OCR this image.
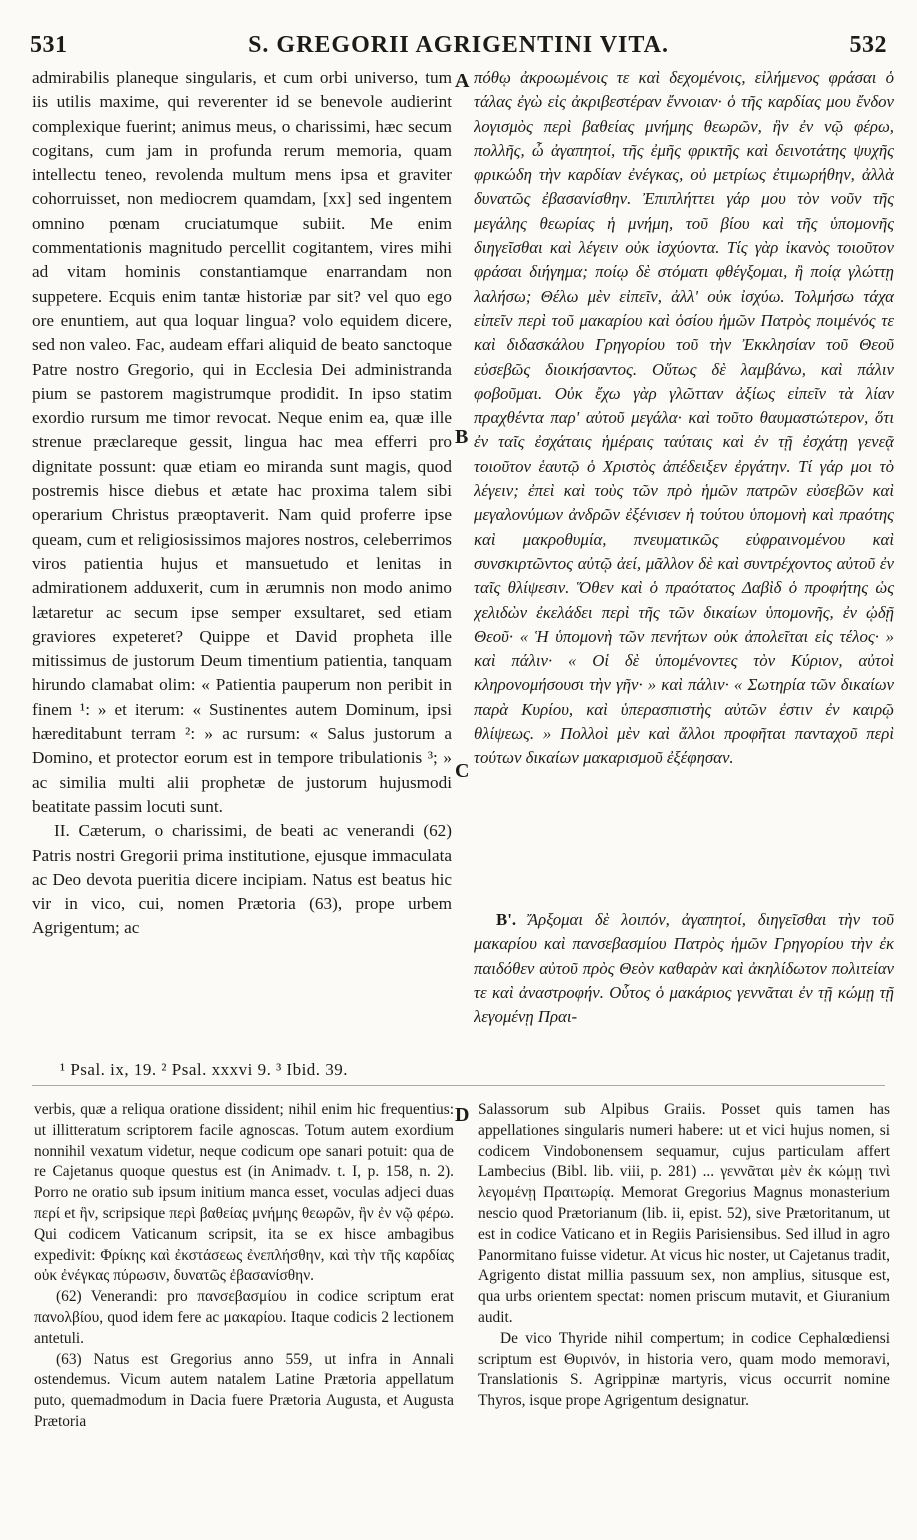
531	S. GREGORII AGRIGENTINI VITA.	532
A
B
C
D

admirabilis planeque singularis, et cum orbi universo, tum iis utilis maxime, qui reverenter id se benevole audierint complexique fuerint; animus meus, o charissimi, hæc secum cogitans, cum jam in profunda rerum memoria, quam intellectu teneo, revolenda multum mens ipsa et graviter cohorruisset, non mediocrem quamdam, [xx] sed ingentem omnino pœnam cruciatumque subiit. Me enim commentationis magnitudo percellit cogitantem, vires mihi ad vitam hominis constantiamque enarrandam non suppetere. Ecquis enim tantæ historiæ par sit? vel quo ego ore enuntiem, aut qua loquar lingua? volo equidem dicere, sed non valeo. Fac, audeam effari aliquid de beato sanctoque Patre nostro Gregorio, qui in Ecclesia Dei administranda pium se pastorem magistrumque prodidit. In ipso statim exordio rursum me timor revocat. Neque enim ea, quæ ille strenue præclareque gessit, lingua hac mea efferri pro dignitate possunt: quæ etiam eo miranda sunt magis, quod postremis hisce diebus et ætate hac proxima talem sibi operarium Christus præoptaverit. Nam quid proferre ipse queam, cum et religiosissimos majores nostros, celeberrimos viros patientia hujus et mansuetudo et lenitas in admirationem adduxerit, cum in ærumnis non modo animo lætaretur ac secum ipse semper exsultaret, sed etiam graviores expeteret? Quippe et David propheta ille mitissimus de justorum Deum timentium patientia, tanquam hirundo clamabat olim: « Patientia pauperum non peribit in finem ¹: » et iterum: « Sustinentes autem Dominum, ipsi hæreditabunt terram ²: » ac rursum: « Salus justorum a Domino, et protector eorum est in tempore tribulationis ³; » ac similia multi alii prophetæ de justorum hujusmodi beatitate passim locuti sunt.

II. Cæterum, o charissimi, de beati ac venerandi (62) Patris nostri Gregorii prima institutione, ejusque immaculata ac Deo devota pueritia dicere incipiam. Natus est beatus hic vir in vico, cui, nomen Prætoria (63), prope urbem Agrigentum; ac

πόθῳ ἀκροωμένοις τε καὶ δεχομένοις, εἰλήμενος φράσαι ὁ τάλας ἐγὼ εἰς ἀκριβεστέραν ἔννοιαν· ὁ τῆς καρδίας μου ἔνδον λογισμὸς περὶ βαθείας μνήμης θεωρῶν, ἣν ἐν νῷ φέρω, πολλῆς, ὦ ἀγαπητοί, τῆς ἐμῆς φρικτῆς καὶ δεινοτάτης ψυχῆς φρικώδη τὴν καρδίαν ἐνέγκας, οὐ μετρίως ἐτιμωρήθην, ἀλλὰ δυνατῶς ἐβασανίσθην. Ἐπιπλήττει γάρ μου τὸν νοῦν τῆς μεγάλης θεωρίας ἡ μνήμη, τοῦ βίου καὶ τῆς ὑπομονῆς διηγεῖσθαι καὶ λέγειν οὐκ ἰσχύοντα. Τίς γὰρ ἱκανὸς τοιοῦτον φράσαι διήγημα; ποίῳ δὲ στόματι φθέγξομαι, ἢ ποίᾳ γλώττῃ λαλήσω; Θέλω μὲν εἰπεῖν, ἀλλ' οὐκ ἰσχύω. Τολμήσω τάχα εἰπεῖν περὶ τοῦ μακαρίου καὶ ὁσίου ἡμῶν Πατρὸς ποιμένός τε καὶ διδασκάλου Γρηγορίου τοῦ τὴν Ἐκκλησίαν τοῦ Θεοῦ εὐσεβῶς διοικήσαντος. Οὕτως δὲ λαμβάνω, καὶ πάλιν φοβοῦμαι. Οὐκ ἔχω γὰρ γλῶτταν ἀξίως εἰπεῖν τὰ λίαν πραχθέντα παρ' αὐτοῦ μεγάλα· καὶ τοῦτο θαυμαστώτερον, ὅτι ἐν ταῖς ἐσχάταις ἡμέραις ταύταις καὶ ἐν τῇ ἐσχάτῃ γενεᾷ τοιοῦτον ἑαυτῷ ὁ Χριστὸς ἀπέδειξεν ἐργάτην. Τί γάρ μοι τὸ λέγειν; ἐπεὶ καὶ τοὺς τῶν πρὸ ἡμῶν πατρῶν εὐσεβῶν καὶ μεγαλονύμων ἀνδρῶν ἐξένισεν ἡ τούτου ὑπομονὴ καὶ πραότης καὶ μακροθυμία, πνευματικῶς εὐφραινομένου καὶ συνσκιρτῶντος αὐτῷ ἀεί, μᾶλλον δὲ καὶ συντρέχοντος αὐτοῦ ἐν ταῖς θλίψεσιν. Ὅθεν καὶ ὁ πραότατος Δαβὶδ ὁ προφήτης ὡς χελιδὼν ἐκελάδει περὶ τῆς τῶν δικαίων ὑπομονῆς, ἐν ᾠδῇ Θεοῦ· « Ἡ ὑπομονὴ τῶν πενήτων οὐκ ἀπολεῖται εἰς τέλος· » καὶ πάλιν· « Οἱ δὲ ὑπομένοντες τὸν Κύριον, αὐτοὶ κληρονομήσουσι τὴν γῆν· » καὶ πάλιν· « Σωτηρία τῶν δικαίων παρὰ Κυρίου, καὶ ὑπερασπιστὴς αὐτῶν ἐστιν ἐν καιρῷ θλίψεως. » Πολλοὶ μὲν καὶ ἄλλοι προφῆται πανταχοῦ περὶ τούτων δικαίων μακαρισμοῦ ἐξέφησαν.

Β'. Ἄρξομαι δὲ λοιπόν, ἀγαπητοί, διηγεῖσθαι τὴν τοῦ μακαρίου καὶ πανσεβασμίου Πατρὸς ἡμῶν Γρηγορίου τὴν ἐκ παιδόθεν αὐτοῦ πρὸς Θεὸν καθαρὰν καὶ ἀκηλίδωτον πολιτείαν τε καὶ ἀναστροφήν. Οὗτος ὁ μακάριος γεννᾶται ἐν τῇ κώμῃ τῇ λεγομένῃ Πραι-

¹ Psal. ix, 19. ² Psal. xxxvi 9. ³ Ibid. 39.

verbis, quæ a reliqua oratione dissident; nihil enim hic frequentius: ut illitteratum scriptorem facile agnoscas. Totum autem exordium nonnihil vexatum videtur, neque codicum ope sanari potuit: qua de re Cajetanus quoque questus est (in Animadv. t. I, p. 158, n. 2). Porro ne oratio sub ipsum initium manca esset, voculas adjeci duas περί et ἣν, scripsique περὶ βαθείας μνήμης θεωρῶν, ἣν ἐν νῷ φέρω. Qui codicem Vaticanum scripsit, ita se ex hisce ambagibus expedivit: Φρίκης καὶ ἐκστάσεως ἐνεπλήσθην, καὶ τὴν τῆς καρδίας οὐκ ἐνέγκας πύρωσιν, δυνατῶς ἐβασανίσθην.

(62) Venerandi: pro πανσεβασμίου in codice scriptum erat πανολβίου, quod idem fere ac μακαρίου. Itaque codicis 2 lectionem antetuli.

(63) Natus est Gregorius anno 559, ut infra in Annali ostendemus. Vicum autem natalem Latine Prætoria appellatum puto, quemadmodum in Dacia fuere Prætoria Augusta, et Augusta Prætoria

Salassorum sub Alpibus Graiis. Posset quis tamen has appellationes singularis numeri habere: ut et vici hujus nomen, si codicem Vindobonensem sequamur, cujus particulam affert Lambecius (Bibl. lib. viii, p. 281) ... γεννᾶται μὲν ἐκ κώμῃ τινὶ λεγομένῃ Πραιτωρίᾳ. Memorat Gregorius Magnus monasterium nescio quod Prætorianum (lib. ii, epist. 52), sive Prætoritanum, ut est in codice Vaticano et in Regiis Parisiensibus. Sed illud in agro Panormitano fuisse videtur. At vicus hic noster, ut Cajetanus tradit, Agrigento distat millia passuum sex, non amplius, situsque est, qua urbs orientem spectat: nomen priscum mutavit, et Giuranium audit.

De vico Thyride nihil compertum; in codice Cephalœdiensi scriptum est Θυρινόν, in historia vero, quam modo memoravi, Translationis S. Agrippinæ martyris, vicus occurrit nomine Thyros, isque prope Agrigentum designatur.
